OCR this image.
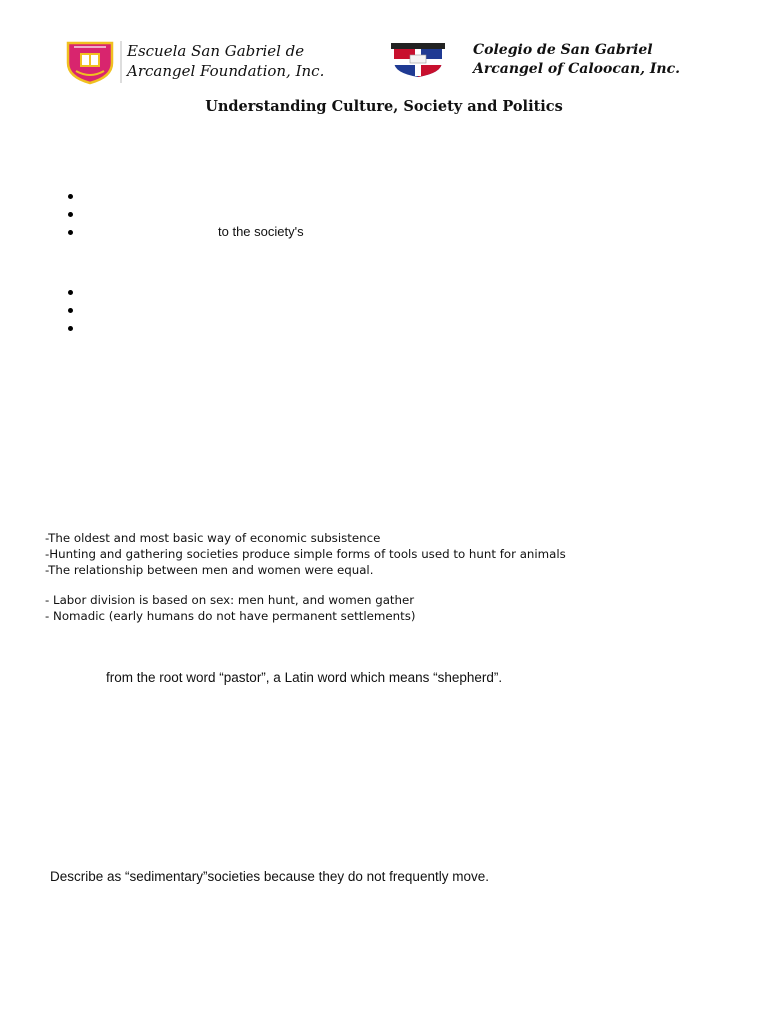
Escuela San Gabriel de
Arcangel Foundation, Inc.
Colegio de San Gabriel
Arcangel of Caloocan, Inc.
Understanding Culture, Society and Politics
to the society's
-The oldest and most basic way of economic subsistence
-Hunting and gathering societies produce simple forms of tools used to hunt for animals
-The relationship between men and women were equal.
- Labor division is based on sex: men hunt, and women gather
- Nomadic (early humans do not have permanent settlements)
from the root word “pastor”, a Latin word which means “shepherd”.
Describe as “sedimentary”societies because they do not frequently move.
